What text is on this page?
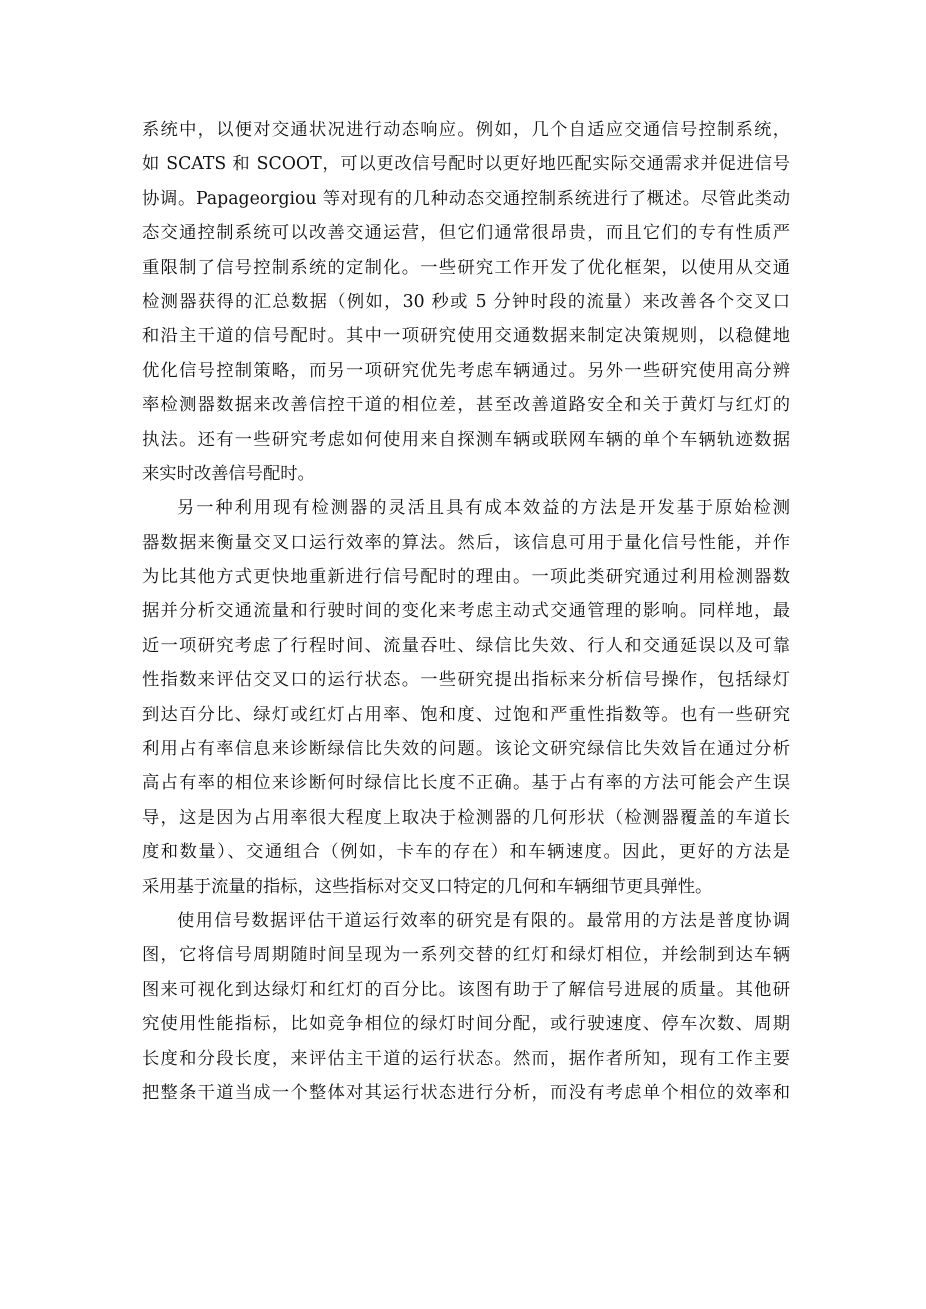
系统中，以便对交通状况进行动态响应。例如，几个自适应交通信号控制系统，
如 SCATS 和 SCOOT，可以更改信号配时以更好地匹配实际交通需求并促进信号
协调。Papageorgiou 等对现有的几种动态交通控制系统进行了概述。尽管此类动
态交通控制系统可以改善交通运营，但它们通常很昂贵，而且它们的专有性质严
重限制了信号控制系统的定制化。一些研究工作开发了优化框架，以使用从交通
检测器获得的汇总数据（例如，30 秒或 5 分钟时段的流量）来改善各个交叉口
和沿主干道的信号配时。其中一项研究使用交通数据来制定决策规则，以稳健地
优化信号控制策略，而另一项研究优先考虑车辆通过。另外一些研究使用高分辨
率检测器数据来改善信控干道的相位差，甚至改善道路安全和关于黄灯与红灯的
执法。还有一些研究考虑如何使用来自探测车辆或联网车辆的单个车辆轨迹数据
来实时改善信号配时。
另一种利用现有检测器的灵活且具有成本效益的方法是开发基于原始检测
器数据来衡量交叉口运行效率的算法。然后，该信息可用于量化信号性能，并作
为比其他方式更快地重新进行信号配时的理由。一项此类研究通过利用检测器数
据并分析交通流量和行驶时间的变化来考虑主动式交通管理的影响。同样地，最
近一项研究考虑了行程时间、流量吞吐、绿信比失效、行人和交通延误以及可靠
性指数来评估交叉口的运行状态。一些研究提出指标来分析信号操作，包括绿灯
到达百分比、绿灯或红灯占用率、饱和度、过饱和严重性指数等。也有一些研究
利用占有率信息来诊断绿信比失效的问题。该论文研究绿信比失效旨在通过分析
高占有率的相位来诊断何时绿信比长度不正确。基于占有率的方法可能会产生误
导，这是因为占用率很大程度上取决于检测器的几何形状（检测器覆盖的车道长
度和数量）、交通组合（例如，卡车的存在）和车辆速度。因此，更好的方法是
采用基于流量的指标，这些指标对交叉口特定的几何和车辆细节更具弹性。
使用信号数据评估干道运行效率的研究是有限的。最常用的方法是普度协调
图，它将信号周期随时间呈现为一系列交替的红灯和绿灯相位，并绘制到达车辆
图来可视化到达绿灯和红灯的百分比。该图有助于了解信号进展的质量。其他研
究使用性能指标，比如竞争相位的绿灯时间分配，或行驶速度、停车次数、周期
长度和分段长度，来评估主干道的运行状态。然而，据作者所知，现有工作主要
把整条干道当成一个整体对其运行状态进行分析，而没有考虑单个相位的效率和
